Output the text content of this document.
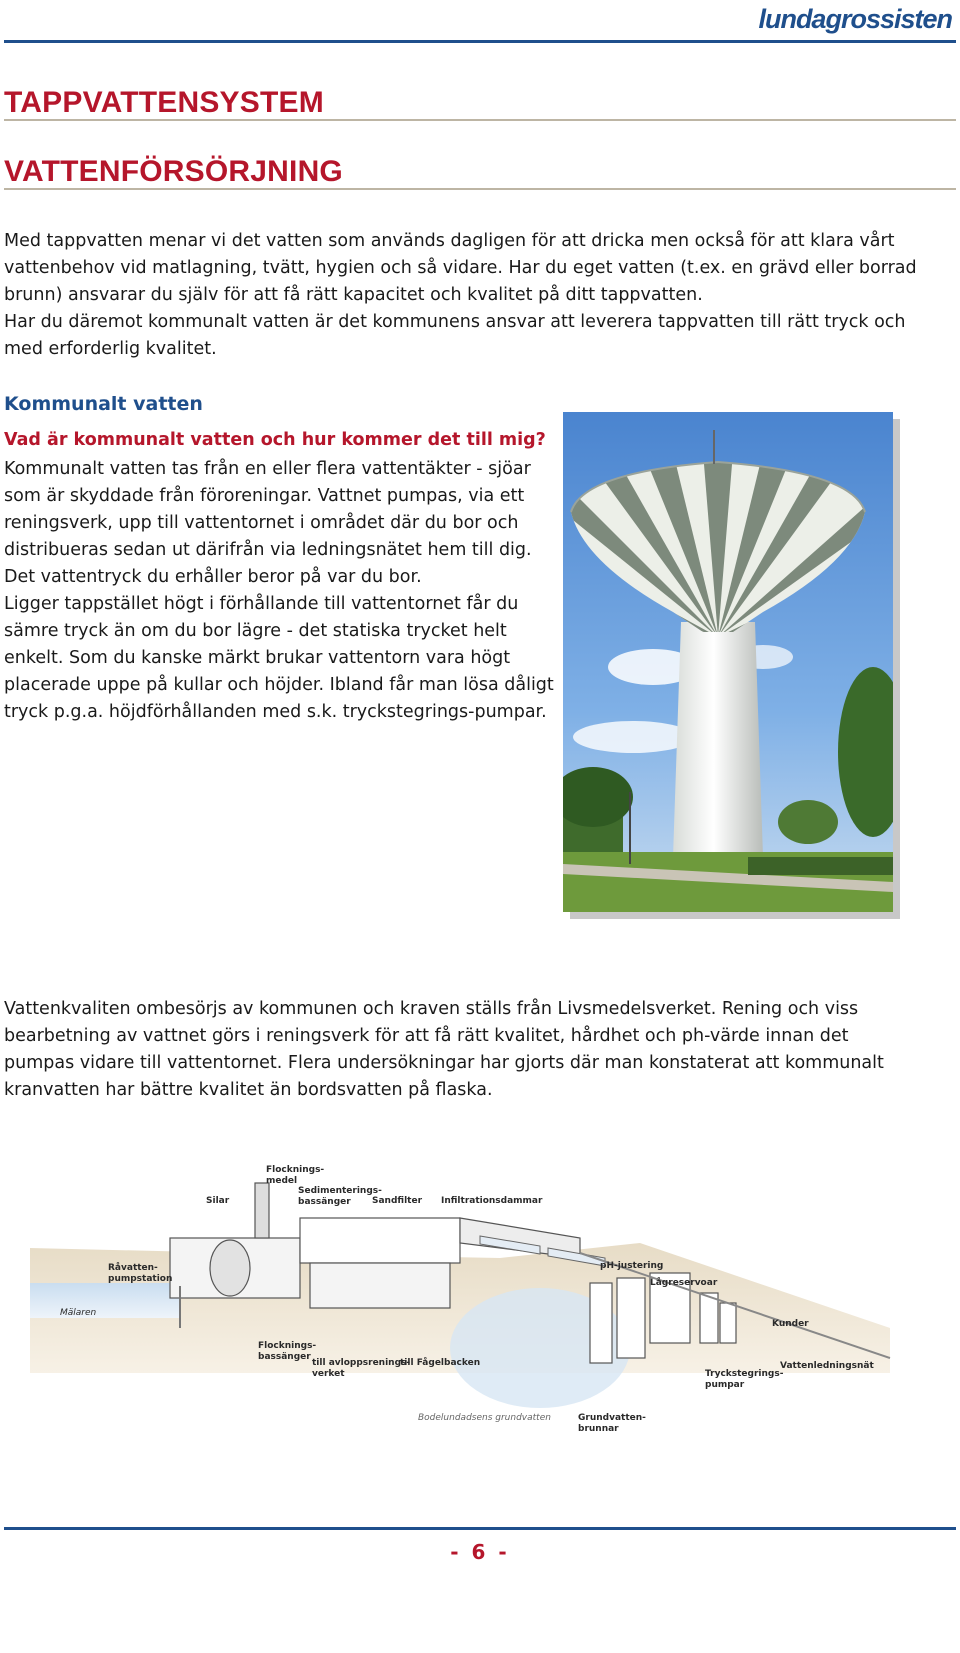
lundagrossisten
TAPPVATTENSYSTEM
VATTENFÖRSÖRJNING

Med tappvatten menar vi det vatten som används dagligen för att dricka men också för att klara vårt vattenbehov vid matlagning, tvätt, hygien och så vidare. Har du eget vatten (t.ex. en grävd eller borrad brunn) ansvarar du själv för att få rätt kapacitet och kvalitet på ditt tappvatten.

Har du däremot kommunalt vatten är det kommunens ansvar att leverera tappvatten till rätt tryck och med erforderlig kvalitet.

Kommunalt vatten
Vad är kommunalt vatten och hur kommer det till mig?
Kommunalt vatten tas från en eller flera vattentäkter - sjöar som är skyddade från föroreningar. Vattnet pumpas, via ett reningsverk, upp till vattentornet i området där du bor och distribueras sedan ut därifrån via ledningsnätet hem till dig. Det vattentryck du erhåller beror på var du bor.
Ligger tappstället högt i förhållande till vattentornet får du sämre tryck än om du bor lägre - det statiska trycket helt enkelt. Som du kanske märkt brukar vattentorn vara högt placerade uppe på kullar och höjder. Ibland får man lösa dåligt tryck p.g.a. höjdförhållanden med s.k. tryckstegrings-pumpar.
Vattenkvaliten ombesörjs av kommunen och kraven ställs från Livsmedelsverket. Rening och viss bearbetning av vattnet görs i reningsverk för att få rätt kvalitet, hårdhet och ph-värde innan det pumpas vidare till vattentornet. Flera undersökningar har gjorts där man konstaterat att kommunalt kranvatten har bättre kvalitet än bordsvatten på flaska.
Flocknings-
medel
Silar
Sedimenterings-
bassänger Sandfilter Infiltrationsdammar
Råvatten-
pumpstation
Mälaren
Flocknings-
bassänger
till avloppsrenings-
verket
till Fågelbacken
pH-justering
Lågreservoar
Kunder
Vattenledningsnät
Tryckstegrings-
pumpar
Grundvatten-
brunnar
Bodelundadsens grundvatten
- 6 -
